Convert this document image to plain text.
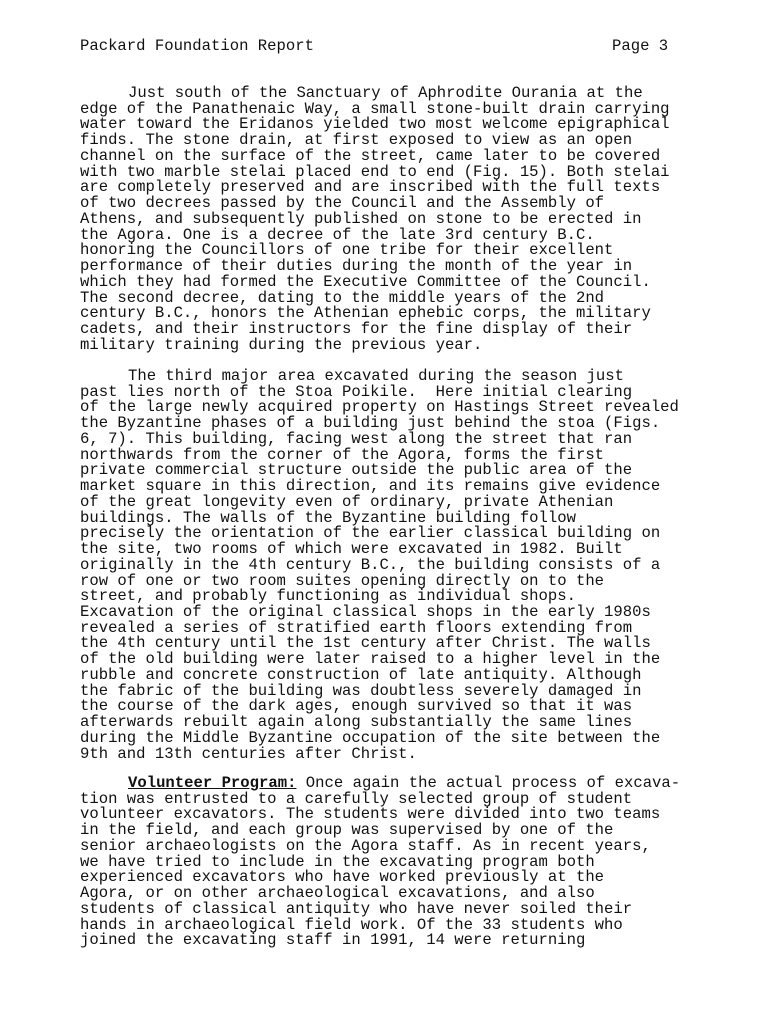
Packard Foundation Report	Page 3
Just south of the Sanctuary of Aphrodite Ourania at the
edge of the Panathenaic Way, a small stone-built drain carrying
water toward the Eridanos yielded two most welcome epigraphical
finds. The stone drain, at first exposed to view as an open
channel on the surface of the street, came later to be covered
with two marble stelai placed end to end (Fig. 15). Both stelai
are completely preserved and are inscribed with the full texts
of two decrees passed by the Council and the Assembly of
Athens, and subsequently published on stone to be erected in
the Agora. One is a decree of the late 3rd century B.C.
honoring the Councillors of one tribe for their excellent
performance of their duties during the month of the year in
which they had formed the Executive Committee of the Council.
The second decree, dating to the middle years of the 2nd
century B.C., honors the Athenian ephebic corps, the military
cadets, and their instructors for the fine display of their
military training during the previous year.
The third major area excavated during the season just
past lies north of the Stoa Poikile.  Here initial clearing
of the large newly acquired property on Hastings Street revealed
the Byzantine phases of a building just behind the stoa (Figs.
6, 7). This building, facing west along the street that ran
northwards from the corner of the Agora, forms the first
private commercial structure outside the public area of the
market square in this direction, and its remains give evidence
of the great longevity even of ordinary, private Athenian
buildings. The walls of the Byzantine building follow
precisely the orientation of the earlier classical building on
the site, two rooms of which were excavated in 1982. Built
originally in the 4th century B.C., the building consists of a
row of one or two room suites opening directly on to the
street, and probably functioning as individual shops.
Excavation of the original classical shops in the early 1980s
revealed a series of stratified earth floors extending from
the 4th century until the 1st century after Christ. The walls
of the old building were later raised to a higher level in the
rubble and concrete construction of late antiquity. Although
the fabric of the building was doubtless severely damaged in
the course of the dark ages, enough survived so that it was
afterwards rebuilt again along substantially the same lines
during the Middle Byzantine occupation of the site between the
9th and 13th centuries after Christ.
Volunteer Program: Once again the actual process of excava-
tion was entrusted to a carefully selected group of student
volunteer excavators. The students were divided into two teams
in the field, and each group was supervised by one of the
senior archaeologists on the Agora staff. As in recent years,
we have tried to include in the excavating program both
experienced excavators who have worked previously at the
Agora, or on other archaeological excavations, and also
students of classical antiquity who have never soiled their
hands in archaeological field work. Of the 33 students who
joined the excavating staff in 1991, 14 were returning
